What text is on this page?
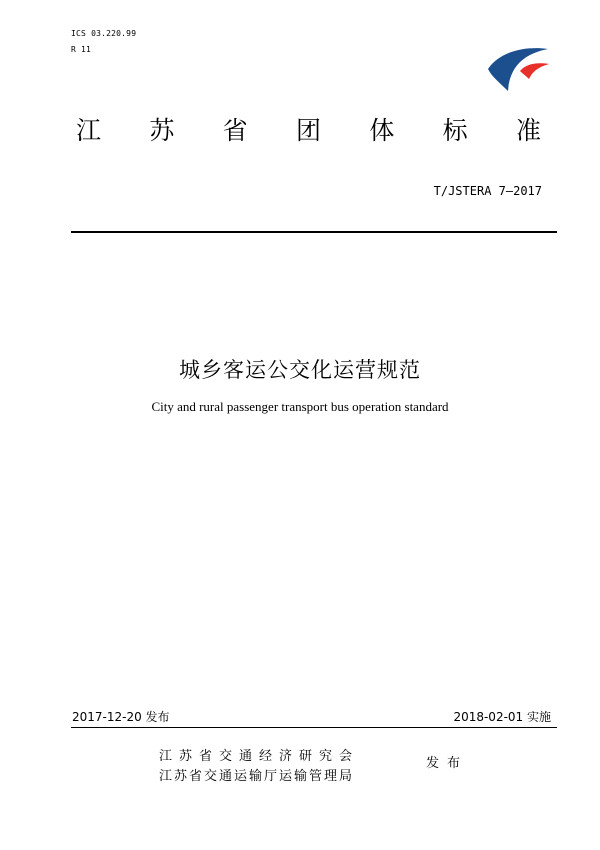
ICS 03.220.99
R 11
江 苏 省 团 体 标 准
T/JSTERA 7—2017
城乡客运公交化运营规范
City and rural passenger transport bus operation standard
2017-12-20 发布	2018-02-01 实施
江苏省交通经济研究会
江苏省交通运输厅运输管理局
发布
